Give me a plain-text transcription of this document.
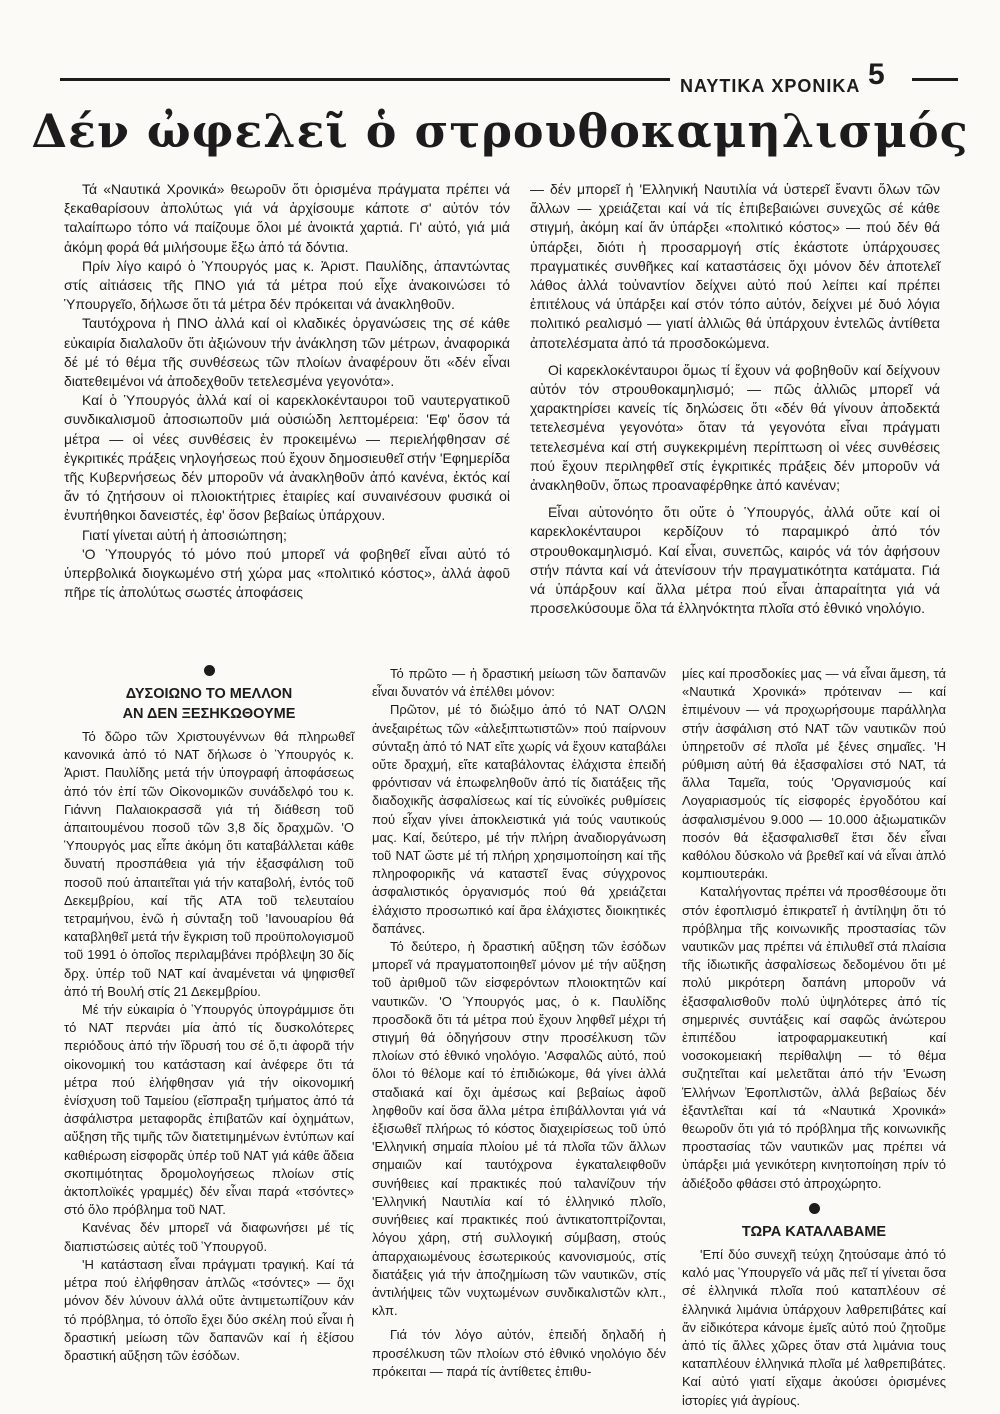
ΝΑΥΤΙΚΑ ΧΡΟΝΙΚΑ 5
Δέν ὠφελεῖ ὁ στρουθοκαμηλισμός

Τά «Ναυτικά Χρονικά» θεωροῦν ὅτι ὁρισμένα πράγματα πρέπει νά ξεκαθαρίσουν ἀπολύτως γιά νά ἀρχίσουμε κάποτε σ' αὐτόν τόν ταλαίπωρο τόπο νά παίζουμε ὅλοι μέ ἀνοικτά χαρτιά. Γι' αὐτό, γιά μιά ἀκόμη φορά θά μιλήσουμε ἔξω ἀπό τά δόντια.

Πρίν λίγο καιρό ὁ Ὑπουργός μας κ. Ἀριστ. Παυλίδης, ἀπαντώντας στίς αἰτιάσεις τῆς ΠΝΟ γιά τά μέτρα πού εἶχε ἀνακοινώσει τό Ὑπουργεῖο, δήλωσε ὅτι τά μέτρα δέν πρόκειται νά ἀνακληθοῦν.

Ταυτόχρονα ἡ ΠΝΟ ἀλλά καί οἱ κλαδικές ὀργανώσεις της σέ κάθε εὐκαιρία διαλαλοῦν ὅτι ἀξιώνουν τήν ἀνάκληση τῶν μέτρων, ἀναφορικά δέ μέ τό θέμα τῆς συνθέσεως τῶν πλοίων ἀναφέρουν ὅτι «δέν εἶναι διατεθειμένοι νά ἀποδεχθοῦν τετελεσμένα γεγονότα».

Καί ὁ Ὑπουργός ἀλλά καί οἱ καρεκλοκένταυροι τοῦ ναυτεργατικοῦ συνδικαλισμοῦ ἀποσιωποῦν μιά οὐσιώδη λεπτομέρεια: 'Εφ' ὅσον τά μέτρα — οἱ νέες συνθέσεις ἐν προκειμένω — περιελήφθησαν σέ ἐγκριτικές πράξεις νηλογήσεως πού ἔχουν δημοσιευθεῖ στήν 'Εφημερίδα τῆς Κυβερνήσεως δέν μποροῦν νά ἀνακληθοῦν ἀπό κανένα, ἐκτός καί ἄν τό ζητήσουν οἱ πλοιοκτήτριες ἑταιρίες καί συναινέσουν φυσικά οἱ ἐνυπήθηκοι δανειστές, ἐφ' ὅσον βεβαίως ὑπάρχουν.

Γιατί γίνεται αὐτή ἡ ἀποσιώπηση;

'Ο Ὑπουργός τό μόνο πού μπορεῖ νά φοβηθεῖ εἶναι αὐτό τό ὑπερβολικά διογκωμένο στή χώρα μας «πολιτικό κόστος», ἀλλά ἀφοῦ πῆρε τίς ἀπολύτως σωστές ἀποφάσεις

— δέν μπορεῖ ἡ 'Ελληνική Ναυτιλία νά ὑστερεῖ ἔναντι ὅλων τῶν ἄλλων — χρειάζεται καί νά τίς ἐπιβεβαιώνει συνεχῶς σέ κάθε στιγμή, ἀκόμη καί ἄν ὑπάρξει «πολιτικό κόστος» — πού δέν θά ὑπάρξει, διότι ἡ προσαρμογή στίς ἑκάστοτε ὑπάρχουσες πραγματικές συνθῆκες καί καταστάσεις ὄχι μόνον δέν ἀποτελεῖ λάθος ἀλλά τοὐναντίον δείχνει αὐτό πού λείπει καί πρέπει ἐπιτέλους νά ὑπάρξει καί στόν τόπο αὐτόν, δείχνει μέ δυό λόγια πολιτικό ρεαλισμό — γιατί ἀλλιῶς θά ὑπάρχουν ἐντελῶς ἀντίθετα ἀποτελέσματα ἀπό τά προσδοκώμενα.

Οἱ καρεκλοκένταυροι ὅμως τί ἔχουν νά φοβηθοῦν καί δείχνουν αὐτόν τόν στρουθοκαμηλισμό; — πῶς ἀλλιῶς μπορεῖ νά χαρακτηρίσει κανείς τίς δηλώσεις ὅτι «δέν θά γίνουν ἀποδεκτά τετελεσμένα γεγονότα» ὅταν τά γεγονότα εἶναι πράγματι τετελεσμένα καί στή συγκεκριμένη περίπτωση οἱ νέες συνθέσεις πού ἔχουν περιληφθεῖ στίς ἐγκριτικές πράξεις δέν μποροῦν νά ἀνακληθοῦν, ὅπως προαναφέρθηκε ἀπό κανέναν;

Εἶναι αὐτονόητο ὅτι οὔτε ὁ Ὑπουργός, ἀλλά οὔτε καί οἱ καρεκλοκένταυροι κερδίζουν τό παραμικρό ἀπό τόν στρουθοκαμηλισμό. Καί εἶναι, συνεπῶς, καιρός νά τόν ἀφήσουν στήν πάντα καί νά ἀτενίσουν τήν πραγματικότητα κατάματα. Γιά νά ὑπάρξουν καί ἄλλα μέτρα πού εἶναι ἀπαραίτητα γιά νά προσελκύσουμε ὅλα τά ἑλληνόκτητα πλοῖα στό ἐθνικό νηολόγιο.

ΔΥΣΟΙΩΝΟ ΤΟ ΜΕΛΛΟΝ
ΑΝ ΔΕΝ ΞΕΣΗΚΩΘΟΥΜΕ

Τό δῶρο τῶν Χριστουγέννων θά πληρωθεῖ κανονικά ἀπό τό ΝΑΤ δήλωσε ὁ Ὑπουργός κ. Ἀριστ. Παυλίδης μετά τήν ὑπογραφή ἀποφάσεως ἀπό τόν ἐπί τῶν Οἰκονομικῶν συνάδελφό του κ. Γιάννη Παλαιοκρασσᾶ γιά τή διάθεση τοῦ ἀπαιτουμένου ποσοῦ τῶν 3,8 δίς δραχμῶν. 'Ο Ὑπουργός μας εἶπε ἀκόμη ὅτι καταβάλλεται κάθε δυνατή προσπάθεια γιά τήν ἐξασφάλιση τοῦ ποσοῦ πού ἀπαιτεῖται γιά τήν καταβολή, ἐντός τοῦ Δεκεμβρίου, καί τῆς ΑΤΑ τοῦ τελευταίου τετραμήνου, ἐνῶ ἡ σύνταξη τοῦ 'Ιανουαρίου θά καταβληθεῖ μετά τήν ἔγκριση τοῦ προϋπολογισμοῦ τοῦ 1991 ὁ ὁποῖος περιλαμβάνει πρόβλεψη 30 δίς δρχ. ὑπέρ τοῦ ΝΑΤ καί ἀναμένεται νά ψηφισθεῖ ἀπό τή Βουλή στίς 21 Δεκεμβρίου.

Μέ τήν εὐκαιρία ὁ Ὑπουργός ὑπογράμμισε ὅτι τό ΝΑΤ περνάει μία ἀπό τίς δυσκολότερες περιόδους ἀπό τήν ἵδρυσή του σέ ὅ,τι ἀφορᾶ τήν οἰκονομική του κατάσταση καί ἀνέφερε ὅτι τά μέτρα πού ἐλήφθησαν γιά τήν οἰκονομική ἐνίσχυση τοῦ Ταμείου (εἴσπραξη τμήματος ἀπό τά ἀσφάλιστρα μεταφορᾶς ἐπιβατῶν καί ὀχημάτων, αὔξηση τῆς τιμῆς τῶν διατετιμημένων ἐντύπων καί καθιέρωση εἰσφορᾶς ὑπέρ τοῦ ΝΑΤ γιά κάθε ἄδεια σκοπιμότητας δρομολογήσεως πλοίων στίς ἀκτοπλοϊκές γραμμές) δέν εἶναι παρά «τσόντες» στό ὅλο πρόβλημα τοῦ ΝΑΤ.

Κανένας δέν μπορεῖ νά διαφωνήσει μέ τίς διαπιστώσεις αὐτές τοῦ Ὑπουργοῦ.

'Η κατάσταση εἶναι πράγματι τραγική. Καί τά μέτρα πού ἐλήφθησαν ἁπλῶς «τσόντες» — ὄχι μόνον δέν λύνουν ἀλλά οὔτε ἀντιμετωπίζουν κάν τό πρόβλημα, τό ὁποῖο ἔχει δύο σκέλη πού εἶναι ἡ δραστική μείωση τῶν δαπανῶν καί ἡ ἐξίσου δραστική αὔξηση τῶν ἐσόδων.

Τό πρῶτο — ἡ δραστική μείωση τῶν δαπανῶν εἶναι δυνατόν νά ἐπέλθει μόνον:

Πρῶτον, μέ τό διώξιμο ἀπό τό ΝΑΤ ΟΛΩΝ ἀνεξαιρέτως τῶν «ἀλεξιπτωτιστῶν» πού παίρνουν σύνταξη ἀπό τό ΝΑΤ εἴτε χωρίς νά ἔχουν καταβάλει οὔτε δραχμή, εἴτε καταβάλοντας ἐλάχιστα ἐπειδή φρόντισαν νά ἐπωφεληθοῦν ἀπό τίς διατάξεις τῆς διαδοχικῆς ἀσφαλίσεως καί τίς εὐνοϊκές ρυθμίσεις πού εἶχαν γίνει ἀποκλειστικά γιά τούς ναυτικούς μας. Καί, δεύτερο, μέ τήν πλήρη ἀναδιοργάνωση τοῦ ΝΑΤ ὥστε μέ τή πλήρη χρησιμοποίηση καί τῆς πληροφορικῆς νά καταστεῖ ἕνας σύγχρονος ἀσφαλιστικός ὀργανισμός πού θά χρειάζεται ἐλάχιστο προσωπικό καί ἄρα ἐλάχιστες διοικητικές δαπάνες.

Τό δεύτερο, ἡ δραστική αὔξηση τῶν ἐσόδων μπορεῖ νά πραγματοποιηθεῖ μόνον μέ τήν αὔξηση τοῦ ἀριθμοῦ τῶν εἰσφερόντων πλοιοκτητῶν καί ναυτικῶν. 'Ο Ὑπουργός μας, ὁ κ. Παυλίδης προσδοκᾶ ὅτι τά μέτρα πού ἔχουν ληφθεῖ μέχρι τή στιγμή θά ὁδηγήσουν στην προσέλκυση τῶν πλοίων στό ἐθνικό νηολόγιο. 'Ασφαλῶς αὐτό, πού ὅλοι τό θέλομε καί τό ἐπιδιώκομε, θά γίνει ἀλλά σταδιακά καί ὄχι ἀμέσως καί βεβαίως ἀφοῦ ληφθοῦν καί ὅσα ἄλλα μέτρα ἐπιβάλλονται γιά νά ἐξισωθεῖ πλήρως τό κόστος διαχειρίσεως τοῦ ὑπό 'Ελληνική σημαία πλοίου μέ τά πλοῖα τῶν ἄλλων σημαιῶν καί ταυτόχρονα ἐγκαταλειφθοῦν συνήθειες καί πρακτικές πού ταλανίζουν τήν 'Ελληνική Ναυτιλία καί τό ἑλληνικό πλοῖο, συνήθειες καί πρακτικές πού ἀντικατοπτρίζονται, λόγου χάρη, στή συλλογική σύμβαση, στούς ἀπαρχαιωμένους ἐσωτερικούς κανονισμούς, στίς διατάξεις γιά τήν ἀποζημίωση τῶν ναυτικῶν, στίς ἀντιλήψεις τῶν νυχτωμένων συνδικαλιστῶν κλπ., κλπ.

Γιά τόν λόγο αὐτόν, ἐπειδή δηλαδή ἡ προσέλκυση τῶν πλοίων στό ἐθνικό νηολόγιο δέν πρόκειται — παρά τίς ἀντίθετες ἐπιθυ-

μίες καί προσδοκίες μας — νά εἶναι ἄμεση, τά «Ναυτικά Χρονικά» πρότειναν — καί ἐπιμένουν — νά προχωρήσουμε παράλληλα στήν ἀσφάλιση στό ΝΑΤ τῶν ναυτικῶν πού ὑπηρετοῦν σέ πλοῖα μέ ξένες σημαῖες. 'Η ρύθμιση αὐτή θά ἐξασφαλίσει στό ΝΑΤ, τά ἄλλα Ταμεῖα, τούς 'Οργανισμούς καί Λογαριασμούς τίς εἰσφορές ἐργοδότου καί ἀσφαλισμένου 9.000 — 10.000 ἀξιωματικῶν ποσόν θά ἐξασφαλισθεῖ ἔτσι δέν εἶναι καθόλου δύσκολο νά βρεθεῖ καί νά εἶναι ἁπλό κομπιουτεράκι.

Καταλήγοντας πρέπει νά προσθέσουμε ὅτι στόν ἐφοπλισμό ἐπικρατεῖ ἡ ἀντίληψη ὅτι τό πρόβλημα τῆς κοινωνικῆς προστασίας τῶν ναυτικῶν μας πρέπει νά ἐπιλυθεῖ στά πλαίσια τῆς ἰδιωτικῆς ἀσφαλίσεως δεδομένου ὅτι μέ πολύ μικρότερη δαπάνη μποροῦν νά ἐξασφαλισθοῦν πολύ ὑψηλότερες ἀπό τίς σημερινές συντάξεις καί σαφῶς ἀνώτερου ἐπιπέδου ἰατροφαρμακευτική καί νοσοκομειακή περίθαλψη — τό θέμα συζητεῖται καί μελετᾶται ἀπό τήν 'Ενωση Ἑλλήνων Ἐφοπλιστῶν, ἀλλά βεβαίως δέν ἐξαντλεῖται καί τά «Ναυτικά Χρονικά» θεωροῦν ὅτι γιά τό πρόβλημα τῆς κοινωνικῆς προστασίας τῶν ναυτικῶν μας πρέπει νά ὑπάρξει μιά γενικότερη κινητοποίηση πρίν τό ἀδιέξοδο φθάσει στό ἀπροχώρητο.

ΤΩΡΑ ΚΑΤΑΛΑΒΑΜΕ

'Επί δύο συνεχῆ τεύχη ζητούσαμε ἀπό τό καλό μας Ὑπουργεῖο νά μᾶς πεῖ τί γίνεται ὅσα σέ ἑλληνικά πλοῖα πού καταπλέουν σέ ἑλληνικά λιμάνια ὑπάρχουν λαθρεπιβάτες καί ἄν εἰδικότερα κάνομε ἐμεῖς αὐτό πού ζητοῦμε ἀπό τίς ἄλλες χῶρες ὅταν στά λιμάνια τους καταπλέουν ἑλληνικά πλοῖα μέ λαθρεπιβάτες. Καί αὐτό γιατί εἴχαμε ἀκούσει ὁρισμένες ἱστορίες γιά ἀγρίους.
